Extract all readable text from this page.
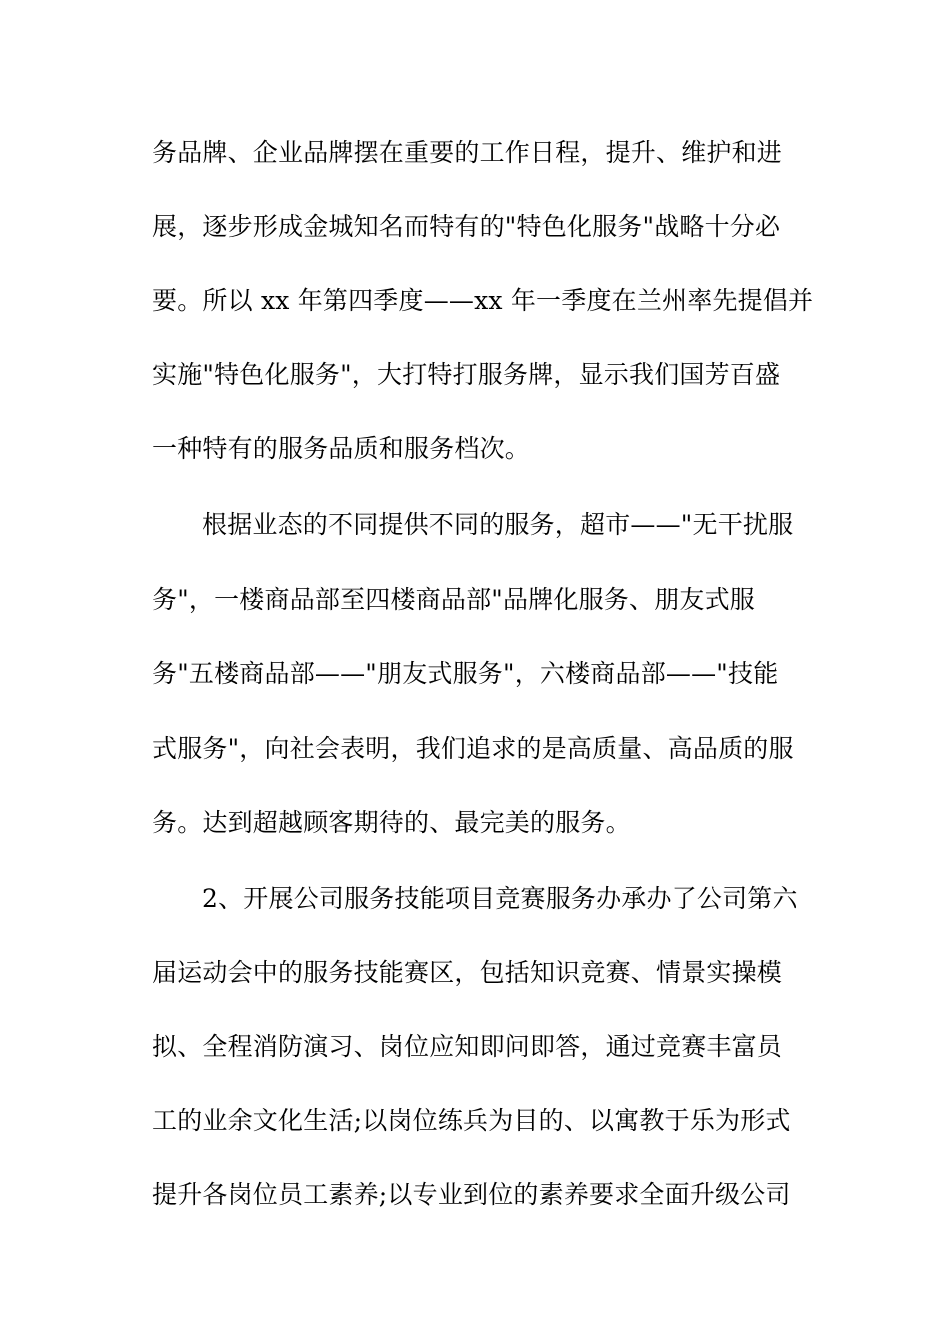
务品牌、企业品牌摆在重要的工作日程，提升、维护和进
展，逐步形成金城知名而特有的"特色化服务"战略十分必
要。所以 xx 年第四季度——xx 年一季度在兰州率先提倡并
实施"特色化服务"，大打特打服务牌，显示我们国芳百盛
一种特有的服务品质和服务档次。
根据业态的不同提供不同的服务，超市——"无干扰服
务"，一楼商品部至四楼商品部"品牌化服务、朋友式服
务"五楼商品部——"朋友式服务"，六楼商品部——"技能
式服务"，向社会表明，我们追求的是高质量、高品质的服
务。达到超越顾客期待的、最完美的服务。
2、开展公司服务技能项目竞赛服务办承办了公司第六
届运动会中的服务技能赛区，包括知识竞赛、情景实操模
拟、全程消防演习、岗位应知即问即答，通过竞赛丰富员
工的业余文化生活;以岗位练兵为目的、以寓教于乐为形式
提升各岗位员工素养;以专业到位的素养要求全面升级公司
